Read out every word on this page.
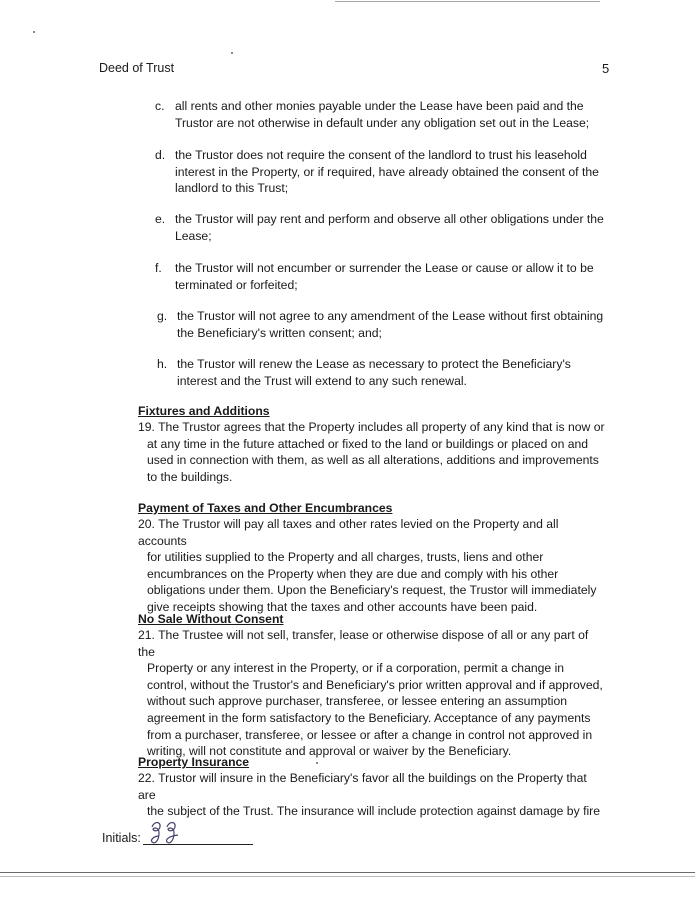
Deed of Trust	5
c. all rents and other monies payable under the Lease have been paid and the Trustor are not otherwise in default under any obligation set out in the Lease;
d. the Trustor does not require the consent of the landlord to trust his leasehold interest in the Property, or if required, have already obtained the consent of the landlord to this Trust;
e. the Trustor will pay rent and perform and observe all other obligations under the Lease;
f. the Trustor will not encumber or surrender the Lease or cause or allow it to be terminated or forfeited;
g. the Trustor will not agree to any amendment of the Lease without first obtaining the Beneficiary's written consent; and;
h. the Trustor will renew the Lease as necessary to protect the Beneficiary's interest and the Trust will extend to any such renewal.
Fixtures and Additions
19. The Trustor agrees that the Property includes all property of any kind that is now or
at any time in the future attached or fixed to the land or buildings or placed on and used in connection with them, as well as all alterations, additions and improvements to the buildings.
Payment of Taxes and Other Encumbrances
20. The Trustor will pay all taxes and other rates levied on the Property and all accounts
for utilities supplied to the Property and all charges, trusts, liens and other encumbrances on the Property when they are due and comply with his other obligations under them. Upon the Beneficiary's request, the Trustor will immediately give receipts showing that the taxes and other accounts have been paid.
No Sale Without Consent
21. The Trustee will not sell, transfer, lease or otherwise dispose of all or any part of the
Property or any interest in the Property, or if a corporation, permit a change in control, without the Trustor's and Beneficiary's prior written approval and if approved, without such approve purchaser, transferee, or lessee entering an assumption agreement in the form satisfactory to the Beneficiary. Acceptance of any payments from a purchaser, transferee, or lessee or after a change in control not approved in writing, will not constitute and approval or waiver by the Beneficiary.
Property Insurance
22. Trustor will insure in the Beneficiary's favor all the buildings on the Property that are
the subject of the Trust. The insurance will include protection against damage by fire
Initials:
